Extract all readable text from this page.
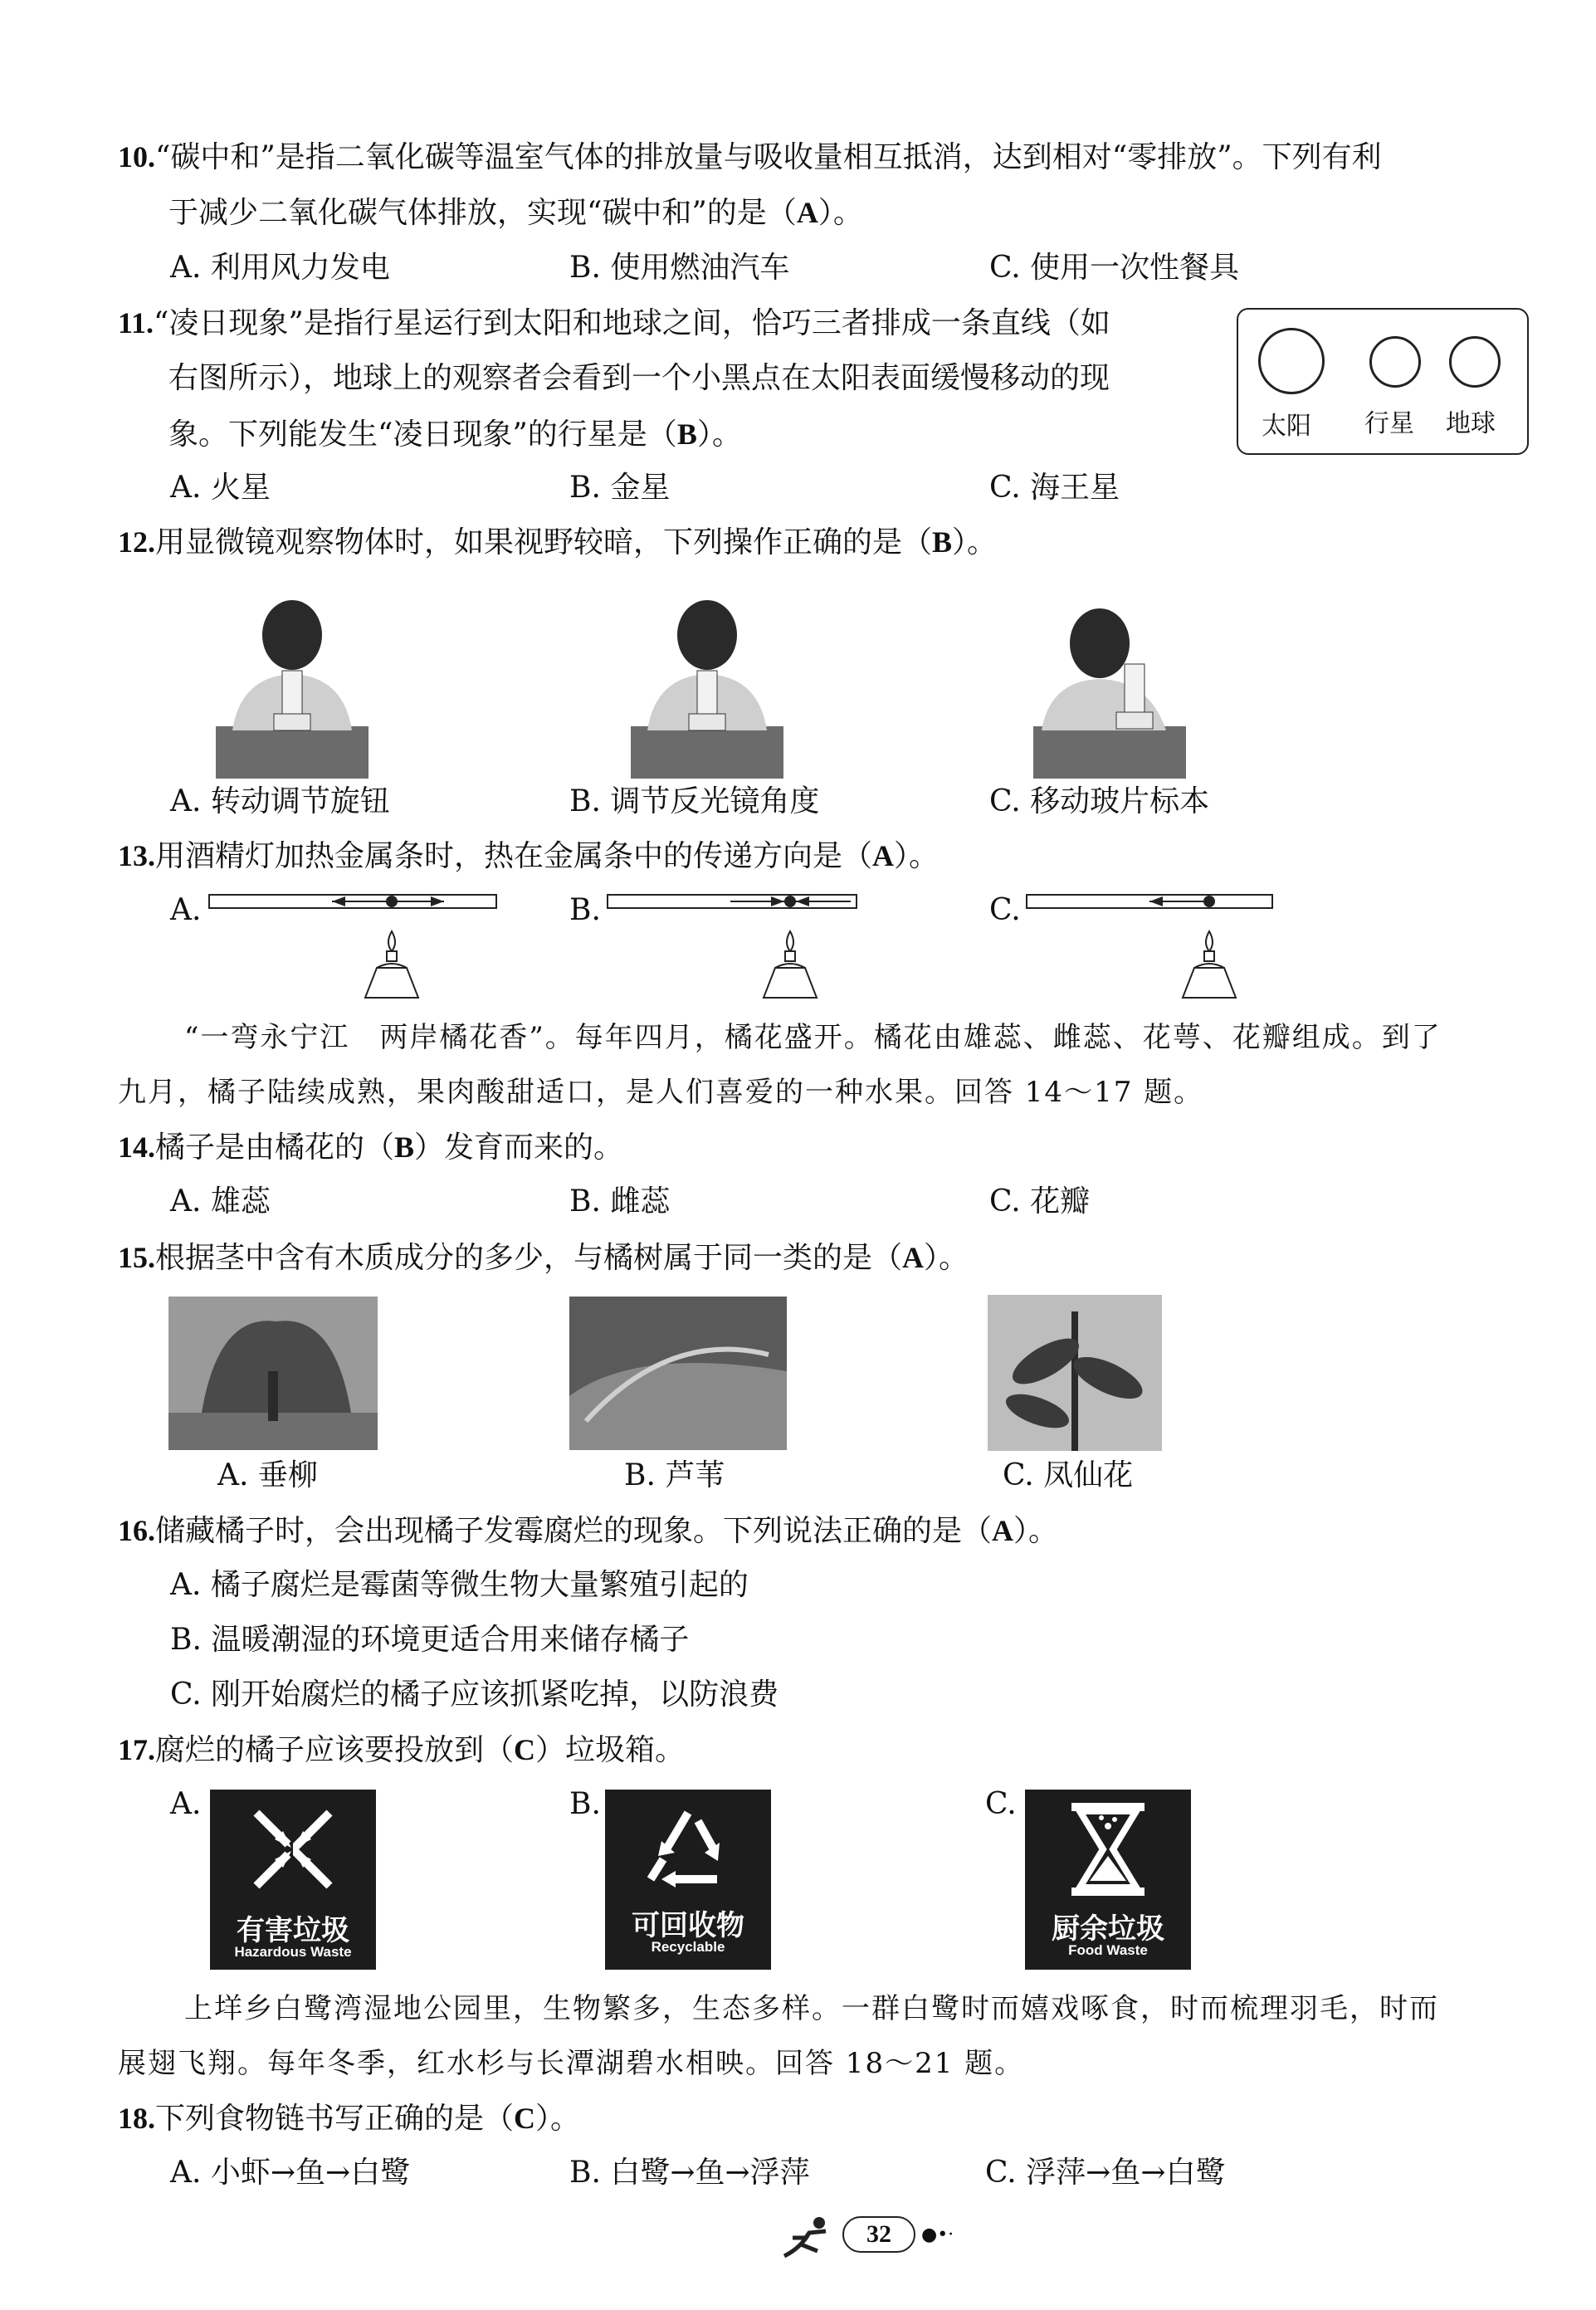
10.“碳中和”是指二氧化碳等温室气体的排放量与吸收量相互抵消，达到相对“零排放”。下列有利
于减少二氧化碳气体排放，实现“碳中和”的是（A）。
A. 利用风力发电	B. 使用燃油汽车	C. 使用一次性餐具
11.“凌日现象”是指行星运行到太阳和地球之间，恰巧三者排成一条直线（如
右图所示），地球上的观察者会看到一个小黑点在太阳表面缓慢移动的现
象。下列能发生“凌日现象”的行星是（B）。
A. 火星	B. 金星	C. 海王星
太阳 行星 地球
12.用显微镜观察物体时，如果视野较暗，下列操作正确的是（B）。
A. 转动调节旋钮	B. 调节反光镜角度	C. 移动玻片标本
13.用酒精灯加热金属条时，热在金属条中的传递方向是（A）。
A.	B.	C.
“一弯永宁江　两岸橘花香”。每年四月，橘花盛开。橘花由雄蕊、雌蕊、花萼、花瓣组成。到了
九月，橘子陆续成熟，果肉酸甜适口，是人们喜爱的一种水果。回答 14～17 题。
14.橘子是由橘花的（B）发育而来的。
A. 雄蕊	B. 雌蕊	C. 花瓣
15.根据茎中含有木质成分的多少，与橘树属于同一类的是（A）。
A. 垂柳	B. 芦苇	C. 凤仙花
16.储藏橘子时，会出现橘子发霉腐烂的现象。下列说法正确的是（A）。
A. 橘子腐烂是霉菌等微生物大量繁殖引起的
B. 温暖潮湿的环境更适合用来储存橘子
C. 刚开始腐烂的橘子应该抓紧吃掉，以防浪费
17.腐烂的橘子应该要投放到（C）垃圾箱。
A.	B.	C.
有害垃圾
Hazardous Waste
可回收物
Recyclable
厨余垃圾
Food Waste
上垟乡白鹭湾湿地公园里，生物繁多，生态多样。一群白鹭时而嬉戏啄食，时而梳理羽毛，时而
展翅飞翔。每年冬季，红水杉与长潭湖碧水相映。回答 18～21 题。
18.下列食物链书写正确的是（C）。
A. 小虾→鱼→白鹭	B. 白鹭→鱼→浮萍	C. 浮萍→鱼→白鹭
32	●•·
